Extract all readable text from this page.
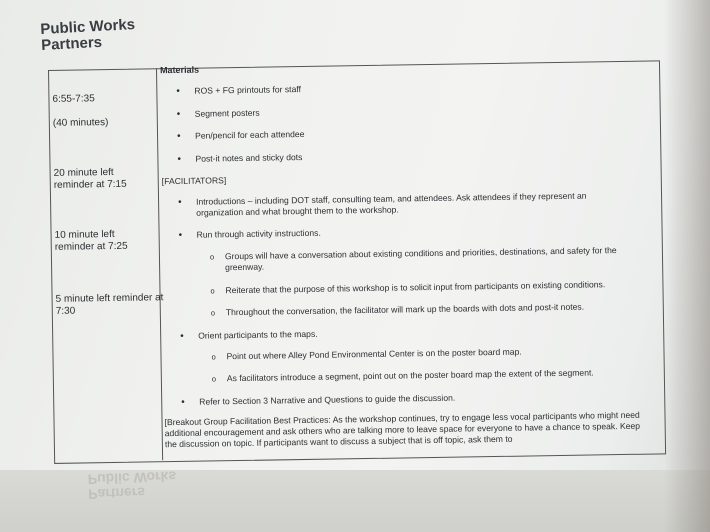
Public Works
Partners
Partners
Public Works
6:55-7:35
(40 minutes)
20 minute left reminder at 7:15
10 minute left reminder at 7:25
5 minute left reminder at 7:30
Materials
• ROS + FG printouts for staff
• Segment posters
• Pen/pencil for each attendee
• Post-it notes and sticky dots
[FACILITATORS]
• Introductions – including DOT staff, consulting team, and attendees. Ask attendees if they represent an organization and what brought them to the workshop.
• Run through activity instructions.
o Groups will have a conversation about existing conditions and priorities, destinations, and safety for the greenway.
o Reiterate that the purpose of this workshop is to solicit input from participants on existing conditions.
o Throughout the conversation, the facilitator will mark up the boards with dots and post-it notes.
• Orient participants to the maps.
o Point out where Alley Pond Environmental Center is on the poster board map.
o As facilitators introduce a segment, point out on the poster board map the extent of the segment.
• Refer to Section 3 Narrative and Questions to guide the discussion.
[Breakout Group Facilitation Best Practices: As the workshop continues, try to engage less vocal participants who might need additional encouragement and ask others who are talking more to leave space for everyone to have a chance to speak. Keep the discussion on topic. If participants want to discuss a subject that is off topic, ask them to
